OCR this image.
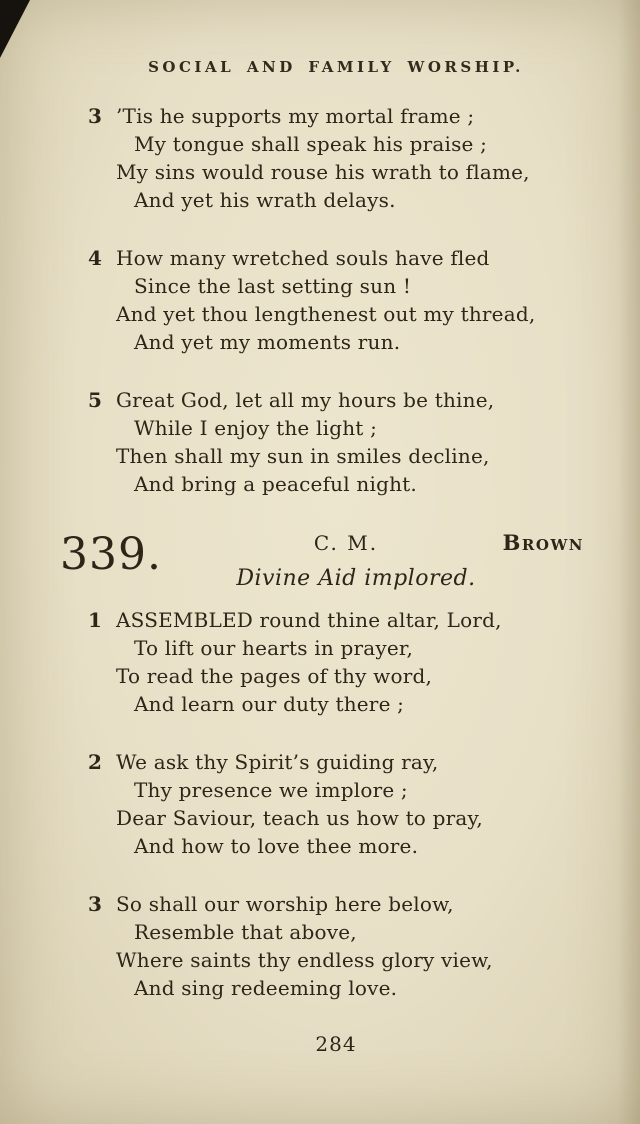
SOCIAL AND FAMILY WORSHIP.
3 ’Tis he supports my mortal frame ;
My tongue shall speak his praise ;
My sins would rouse his wrath to flame,
And yet his wrath delays.
4 How many wretched souls have fled
Since the last setting sun !
And yet thou lengthenest out my thread,
And yet my moments run.
5 Great God, let all my hours be thine,
While I enjoy the light ;
Then shall my sun in smiles decline,
And bring a peaceful night.
339.	C. M.	Brown
Divine Aid implored.
1 ASSEMBLED round thine altar, Lord,
To lift our hearts in prayer,
To read the pages of thy word,
And learn our duty there ;
2 We ask thy Spirit’s guiding ray,
Thy presence we implore ;
Dear Saviour, teach us how to pray,
And how to love thee more.
3 So shall our worship here below,
Resemble that above,
Where saints thy endless glory view,
And sing redeeming love.
284
